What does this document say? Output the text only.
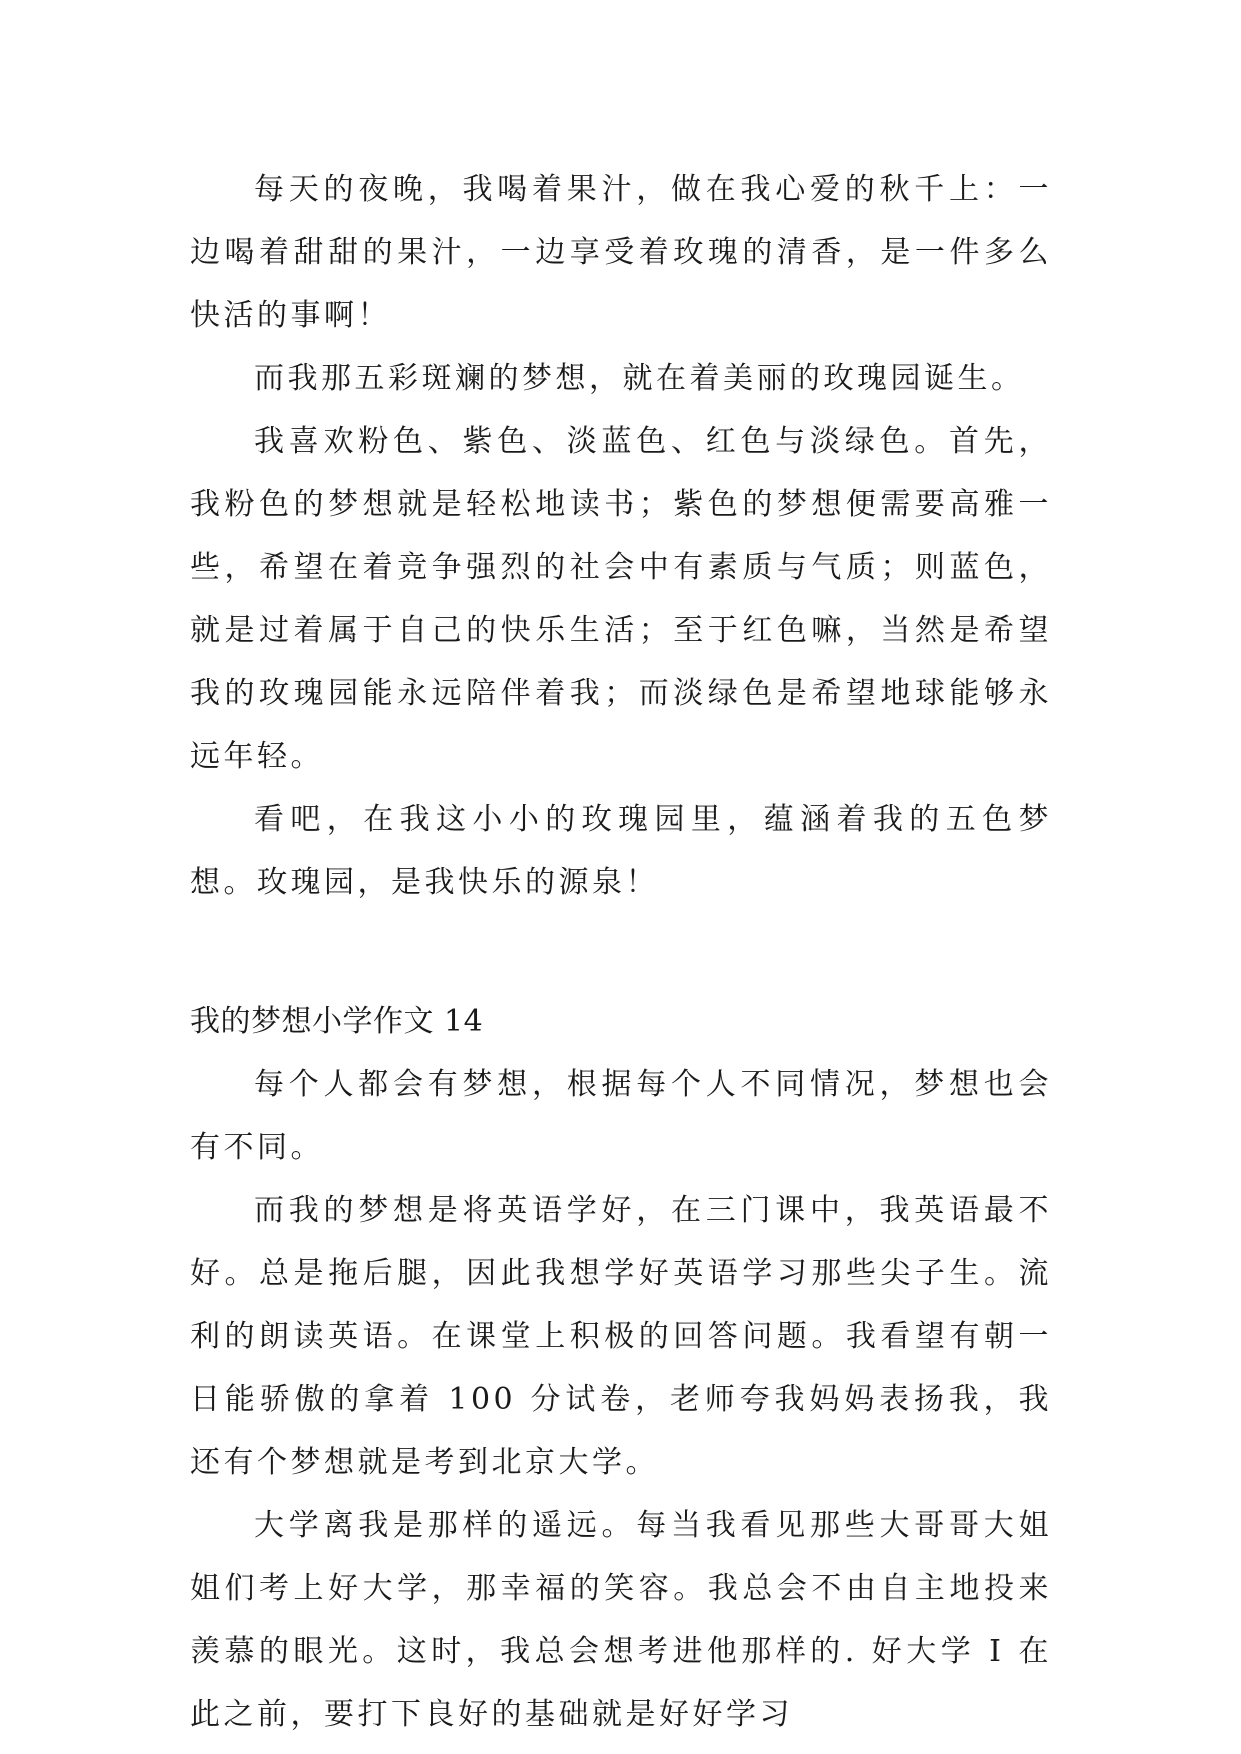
每天的夜晚，我喝着果汁，做在我心爱的秋千上：一边喝着甜甜的果汁，一边享受着玫瑰的清香，是一件多么快活的事啊！

而我那五彩斑斓的梦想，就在着美丽的玫瑰园诞生。

我喜欢粉色、紫色、淡蓝色、红色与淡绿色。首先，我粉色的梦想就是轻松地读书；紫色的梦想便需要高雅一些，希望在着竞争强烈的社会中有素质与气质；则蓝色，就是过着属于自己的快乐生活；至于红色嘛，当然是希望我的玫瑰园能永远陪伴着我；而淡绿色是希望地球能够永远年轻。

看吧，在我这小小的玫瑰园里，蕴涵着我的五色梦想。玫瑰园，是我快乐的源泉！

我的梦想小学作文 14

每个人都会有梦想，根据每个人不同情况，梦想也会有不同。

而我的梦想是将英语学好，在三门课中，我英语最不好。总是拖后腿，因此我想学好英语学习那些尖子生。流利的朗读英语。在课堂上积极的回答问题。我看望有朝一日能骄傲的拿着 100 分试卷，老师夸我妈妈表扬我，我还有个梦想就是考到北京大学。

大学离我是那样的遥远。每当我看见那些大哥哥大姐姐们考上好大学，那幸福的笑容。我总会不由自主地投来羡慕的眼光。这时，我总会想考进他那样的. 好大学 I 在此之前，要打下良好的基础就是好好学习
